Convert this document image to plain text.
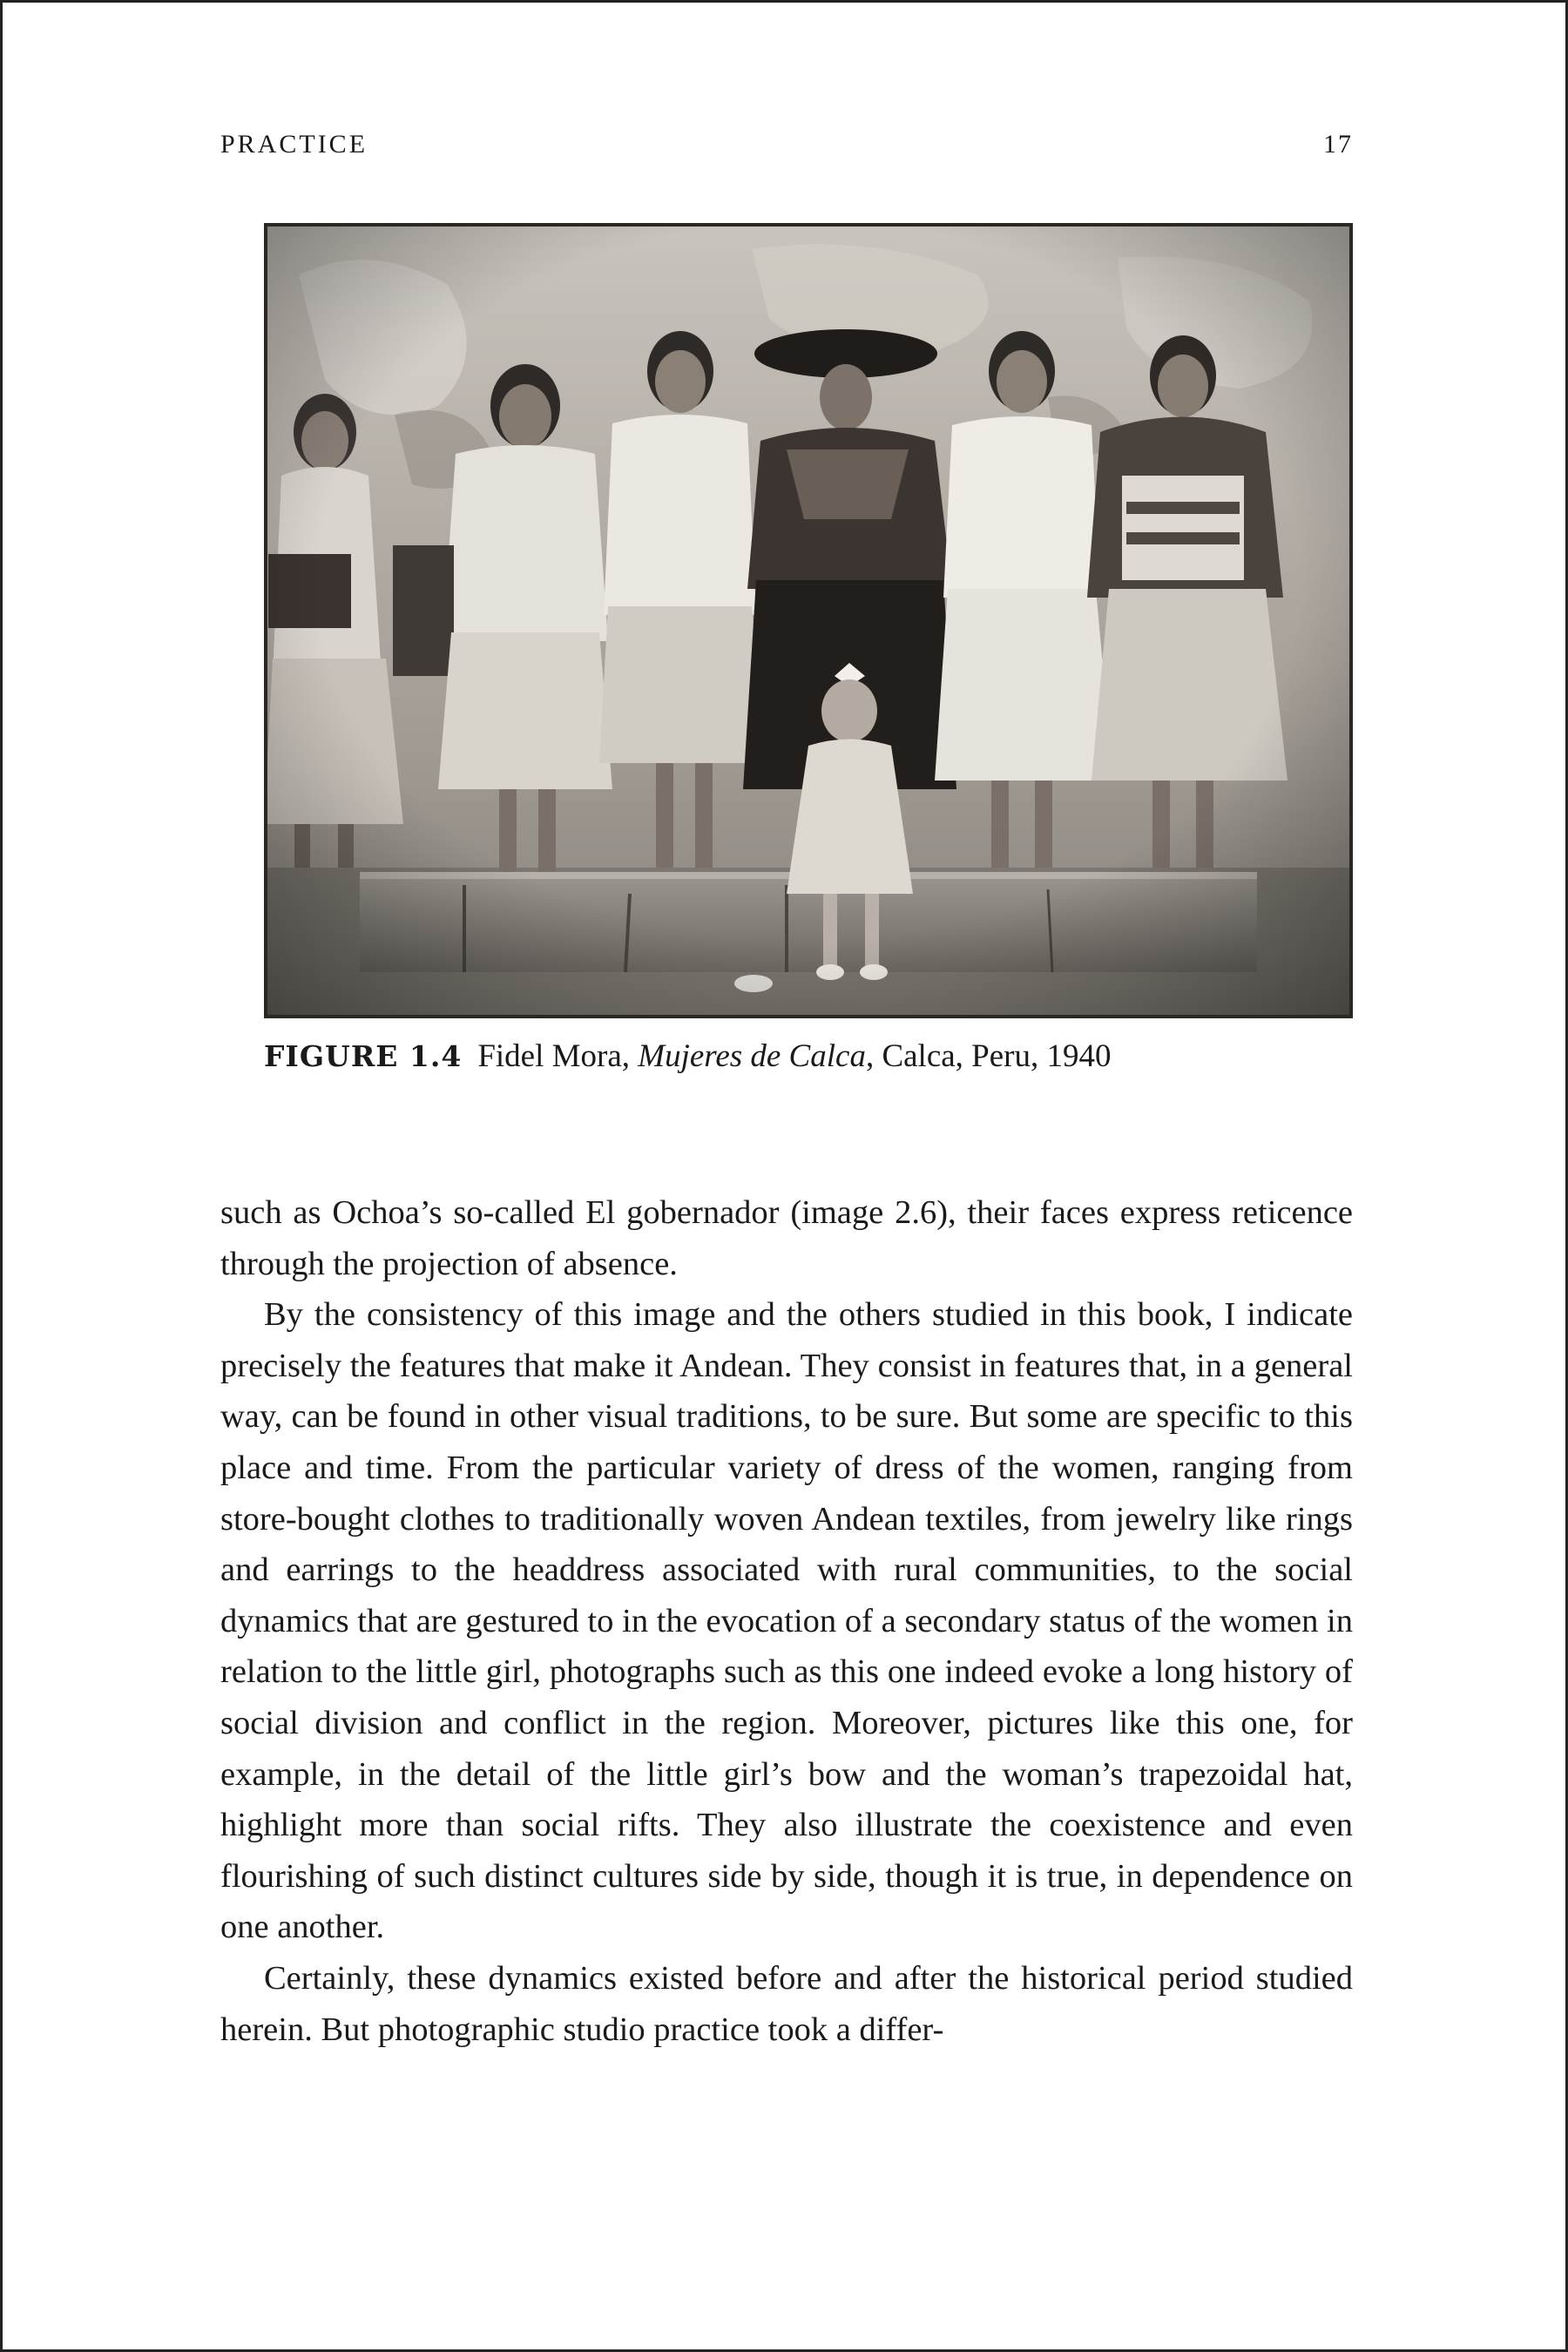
PRACTICE	17
FIGURE 1.4 Fidel Mora, Mujeres de Calca, Calca, Peru, 1940

such as Ochoa’s so-called El gobernador (image 2.6), their faces express reticence through the projection of absence.

By the consistency of this image and the others studied in this book, I indicate precisely the features that make it Andean. They consist in features that, in a general way, can be found in other visual traditions, to be sure. But some are specific to this place and time. From the particular variety of dress of the women, ranging from store-bought clothes to traditionally woven Andean textiles, from jewelry like rings and earrings to the headdress associated with rural communities, to the social dynamics that are gestured to in the evocation of a secondary status of the women in relation to the little girl, photographs such as this one indeed evoke a long history of social division and conflict in the region. Moreover, pictures like this one, for example, in the detail of the little girl’s bow and the woman’s trapezoidal hat, highlight more than social rifts. They also illustrate the coexistence and even flourishing of such distinct cultures side by side, though it is true, in dependence on one another.

Certainly, these dynamics existed before and after the historical period studied herein. But photographic studio practice took a differ-
